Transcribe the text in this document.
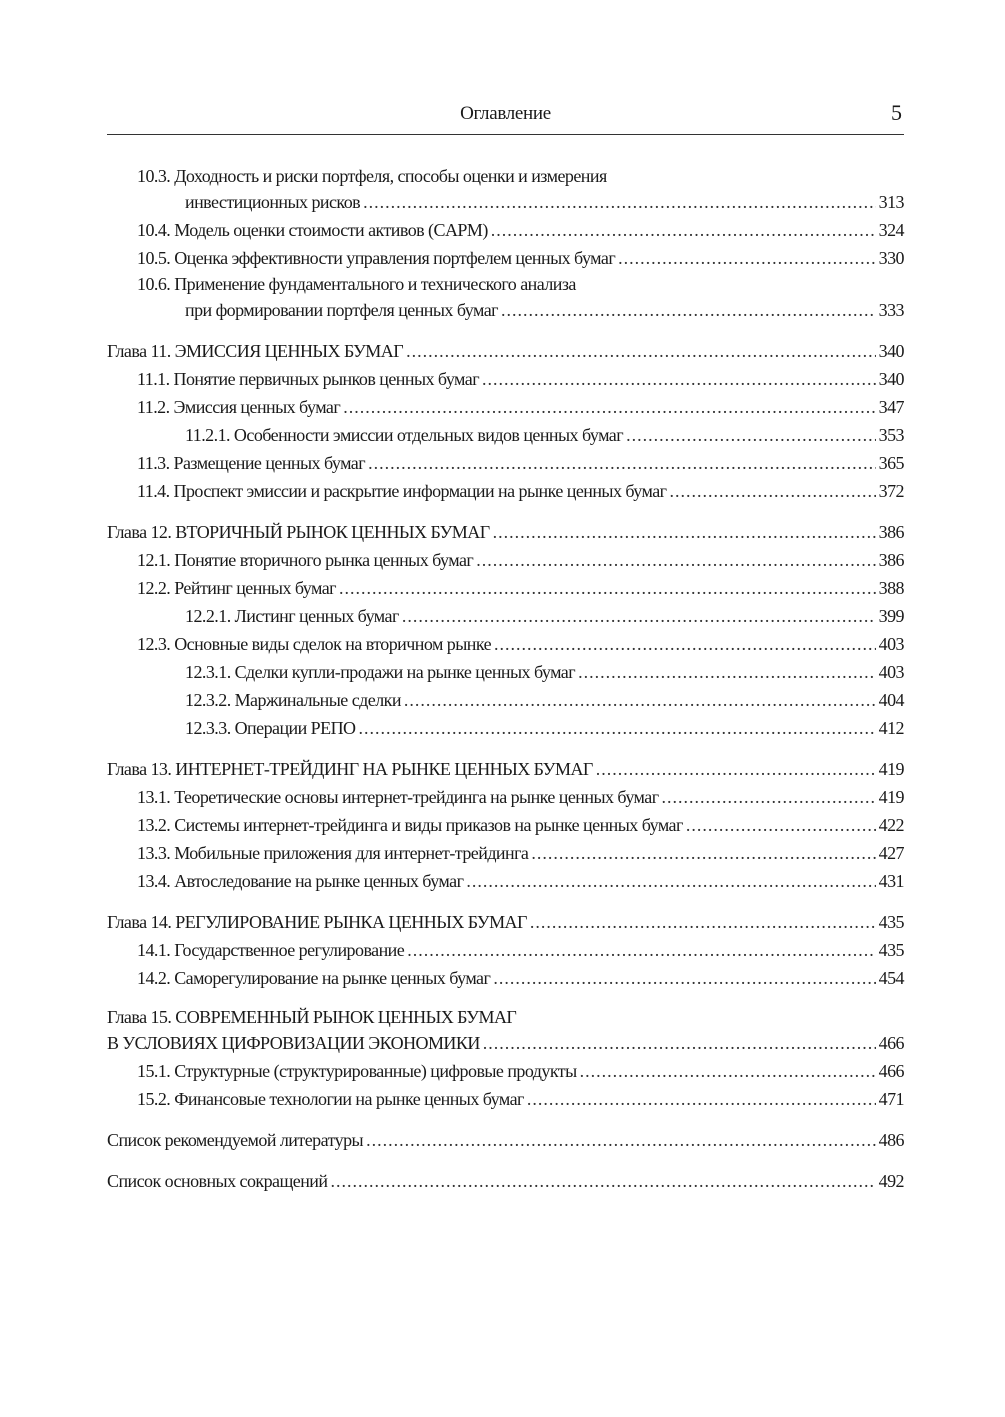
Оглавление	5
10.3. Доходность и риски портфеля, способы оценки и измерения
инвестиционных рисков .....	313
10.4. Модель оценки стоимости активов (CAPM) .....	324
10.5. Оценка эффективности управления портфелем ценных бумаг .....	330
10.6. Применение фундаментального и технического анализа
при формировании портфеля ценных бумаг .....	333
Глава 11. ЭМИССИЯ ЦЕННЫХ БУМАГ .....	340
11.1. Понятие первичных рынков ценных бумаг .....	340
11.2. Эмиссия ценных бумаг .....	347
11.2.1. Особенности эмиссии отдельных видов ценных бумаг .....	353
11.3. Размещение ценных бумаг .....	365
11.4. Проспект эмиссии и раскрытие информации на рынке ценных бумаг .....	372
Глава 12. ВТОРИЧНЫЙ РЫНОК ЦЕННЫХ БУМАГ .....	386
12.1. Понятие вторичного рынка ценных бумаг .....	386
12.2. Рейтинг ценных бумаг .....	388
12.2.1. Листинг ценных бумаг .....	399
12.3. Основные виды сделок на вторичном рынке .....	403
12.3.1. Сделки купли-продажи на рынке ценных бумаг .....	403
12.3.2. Маржинальные сделки .....	404
12.3.3. Операции РЕПО .....	412
Глава 13. ИНТЕРНЕТ-ТРЕЙДИНГ НА РЫНКЕ ЦЕННЫХ БУМАГ .....	419
13.1. Теоретические основы интернет-трейдинга на рынке ценных бумаг .....	419
13.2. Системы интернет-трейдинга и виды приказов на рынке ценных бумаг .....	422
13.3. Мобильные приложения для интернет-трейдинга .....	427
13.4. Автоследование на рынке ценных бумаг .....	431
Глава 14. РЕГУЛИРОВАНИЕ РЫНКА ЦЕННЫХ БУМАГ .....	435
14.1. Государственное регулирование .....	435
14.2. Саморегулирование на рынке ценных бумаг .....	454
Глава 15. СОВРЕМЕННЫЙ РЫНОК ЦЕННЫХ БУМАГ
В УСЛОВИЯХ ЦИФРОВИЗАЦИИ ЭКОНОМИКИ .....	466
15.1. Структурные (структурированные) цифровые продукты .....	466
15.2. Финансовые технологии на рынке ценных бумаг .....	471
Список рекомендуемой литературы .....	486
Список основных сокращений .....	492
